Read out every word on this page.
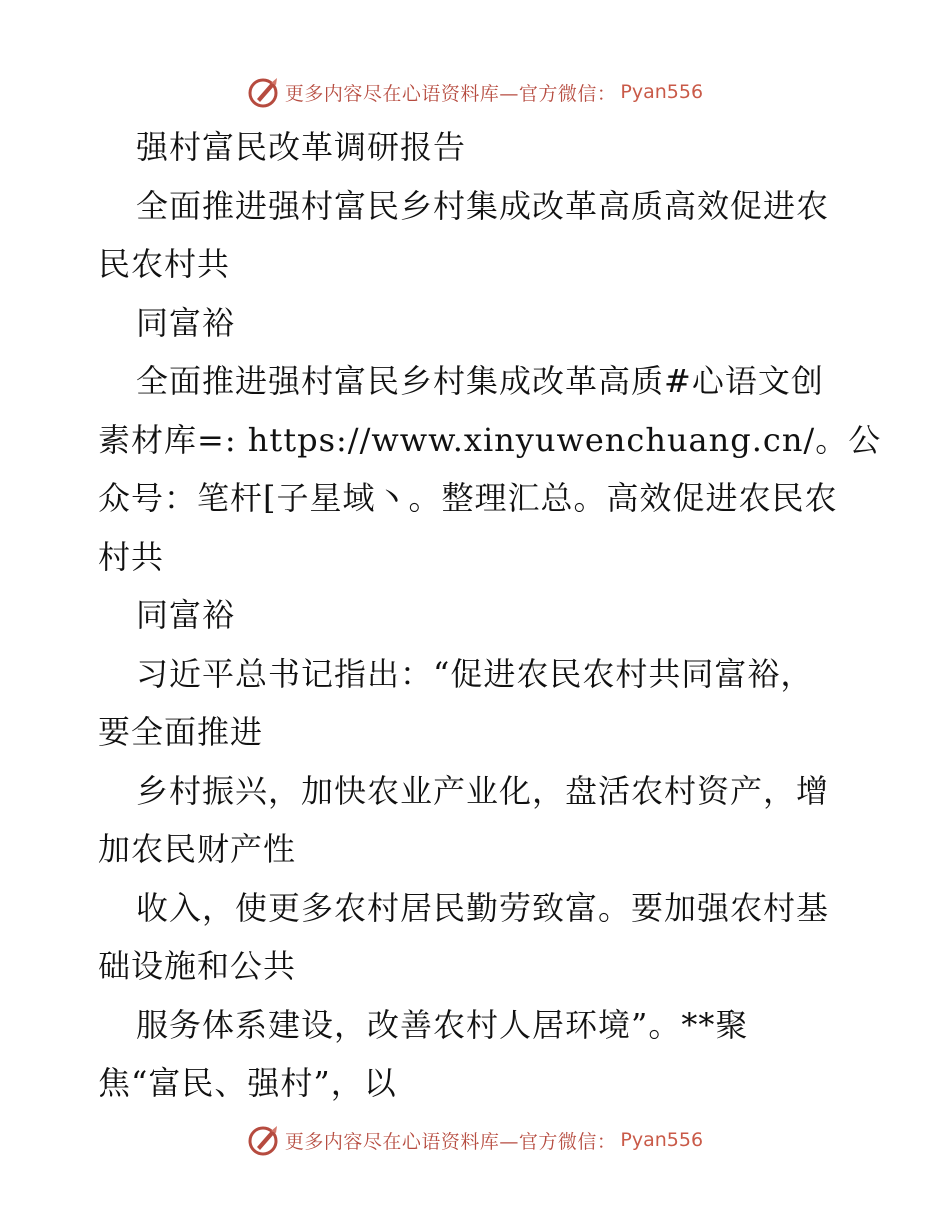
更多内容尽在心语资料库—官方微信： Pyan556
强村富民改革调研报告
全面推进强村富民乡村集成改革高质高效促进农
民农村共
同富裕
全面推进强村富民乡村集成改革高质#心语文创
素材库=: https://www.xinyuwenchuang.cn/。公
众号：笔杆[子星域丶。整理汇总。高效促进农民农
村共
同富裕
习近平总书记指出：“促进农民农村共同富裕，
要全面推进
乡村振兴，加快农业产业化，盘活农村资产，增
加农民财产性
收入，使更多农村居民勤劳致富。要加强农村基
础设施和公共
服务体系建设，改善农村人居环境”。**聚
焦“富民、强村”，以
更多内容尽在心语资料库—官方微信： Pyan556
